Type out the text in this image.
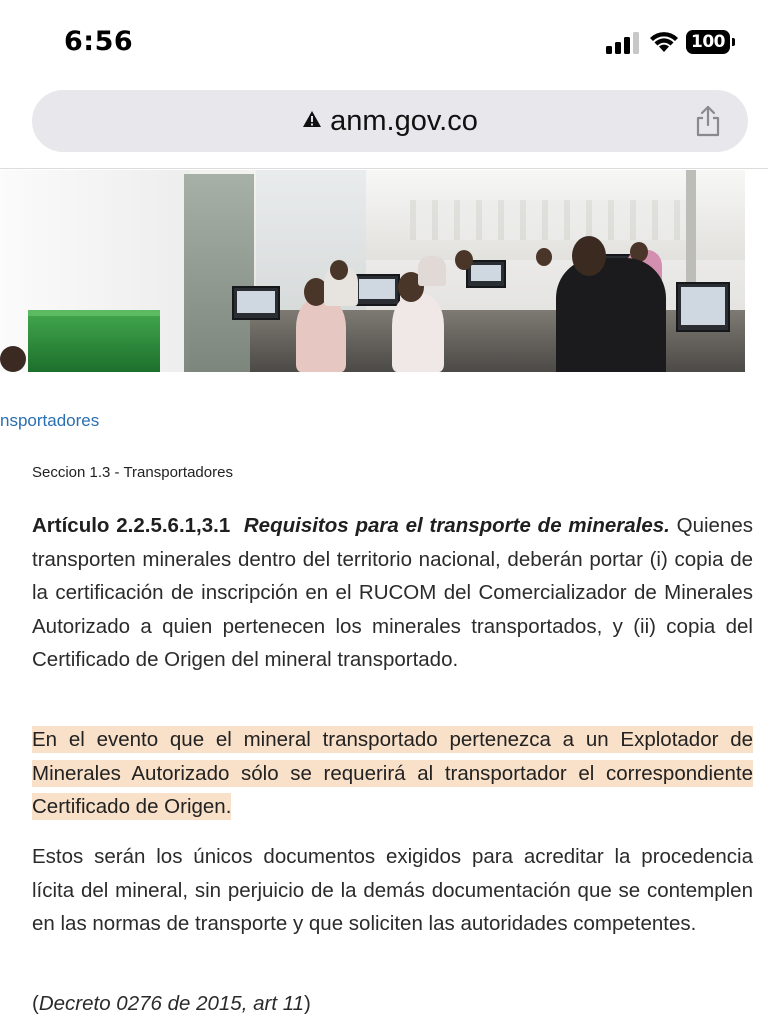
6:56	100
anm.gov.co
nsportadores
Seccion 1.3 - Transportadores

Artículo 2.2.5.6.1,3.1 Requisitos para el transporte de minerales. Quienes transporten minerales dentro del territorio nacional, deberán portar (i) copia de la certificación de inscripción en el RUCOM del Comercializador de Minerales Autorizado a quien pertenecen los minerales transportados, y (ii) copia del Certificado de Origen del mineral transportado.

En el evento que el mineral transportado pertenezca a un Explotador de Minerales Autorizado sólo se requerirá al transportador el correspondiente Certificado de Origen.

Estos serán los únicos documentos exigidos para acreditar la procedencia lícita del mineral, sin perjuicio de la demás documentación que se contemplen en las normas de transporte y que soliciten las autoridades competentes.

(Decreto 0276 de 2015, art 11)
